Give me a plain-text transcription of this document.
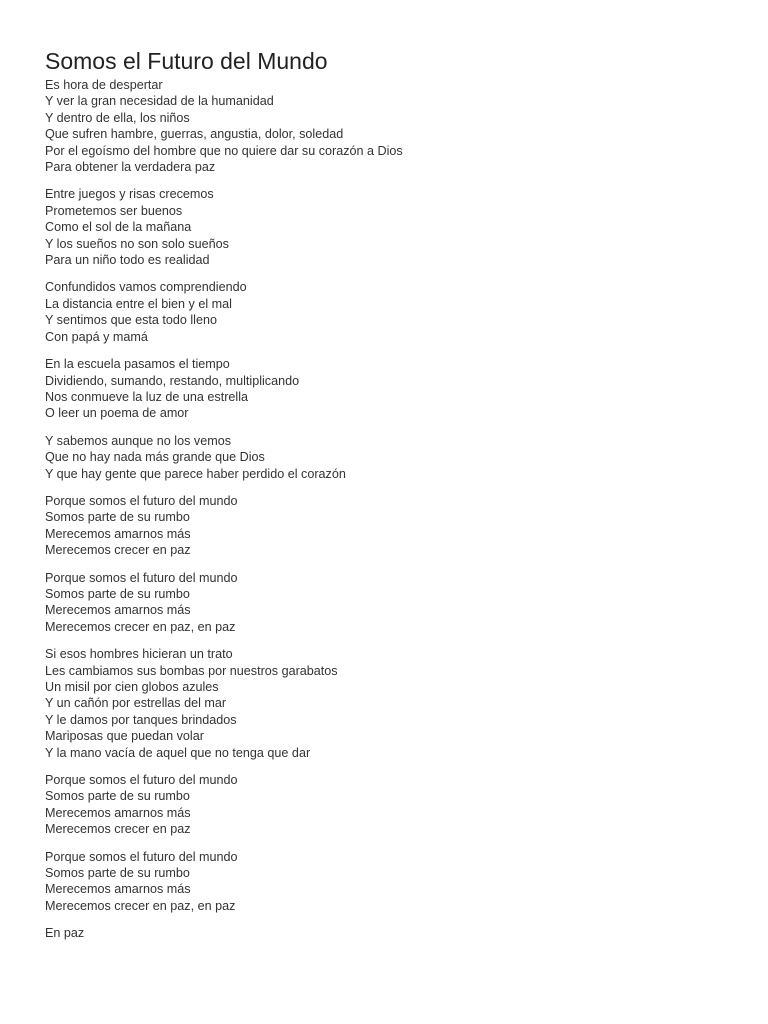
Somos el Futuro del Mundo
Es hora de despertar
Y ver la gran necesidad de la humanidad
Y dentro de ella, los niños
Que sufren hambre, guerras, angustia, dolor, soledad
Por el egoísmo del hombre que no quiere dar su corazón a Dios
Para obtener la verdadera paz
Entre juegos y risas crecemos
Prometemos ser buenos
Como el sol de la mañana
Y los sueños no son solo sueños
Para un niño todo es realidad
Confundidos vamos comprendiendo
La distancia entre el bien y el mal
Y sentimos que esta todo lleno
Con papá y mamá
En la escuela pasamos el tiempo
Dividiendo, sumando, restando, multiplicando
Nos conmueve la luz de una estrella
O leer un poema de amor
Y sabemos aunque no los vemos
Que no hay nada más grande que Dios
Y que hay gente que parece haber perdido el corazón
Porque somos el futuro del mundo
Somos parte de su rumbo
Merecemos amarnos más
Merecemos crecer en paz
Porque somos el futuro del mundo
Somos parte de su rumbo
Merecemos amarnos más
Merecemos crecer en paz, en paz
Si esos hombres hicieran un trato
Les cambiamos sus bombas por nuestros garabatos
Un misil por cien globos azules
Y un cañón por estrellas del mar
Y le damos por tanques brindados
Mariposas que puedan volar
Y la mano vacía de aquel que no tenga que dar
Porque somos el futuro del mundo
Somos parte de su rumbo
Merecemos amarnos más
Merecemos crecer en paz
Porque somos el futuro del mundo
Somos parte de su rumbo
Merecemos amarnos más
Merecemos crecer en paz, en paz
En paz
